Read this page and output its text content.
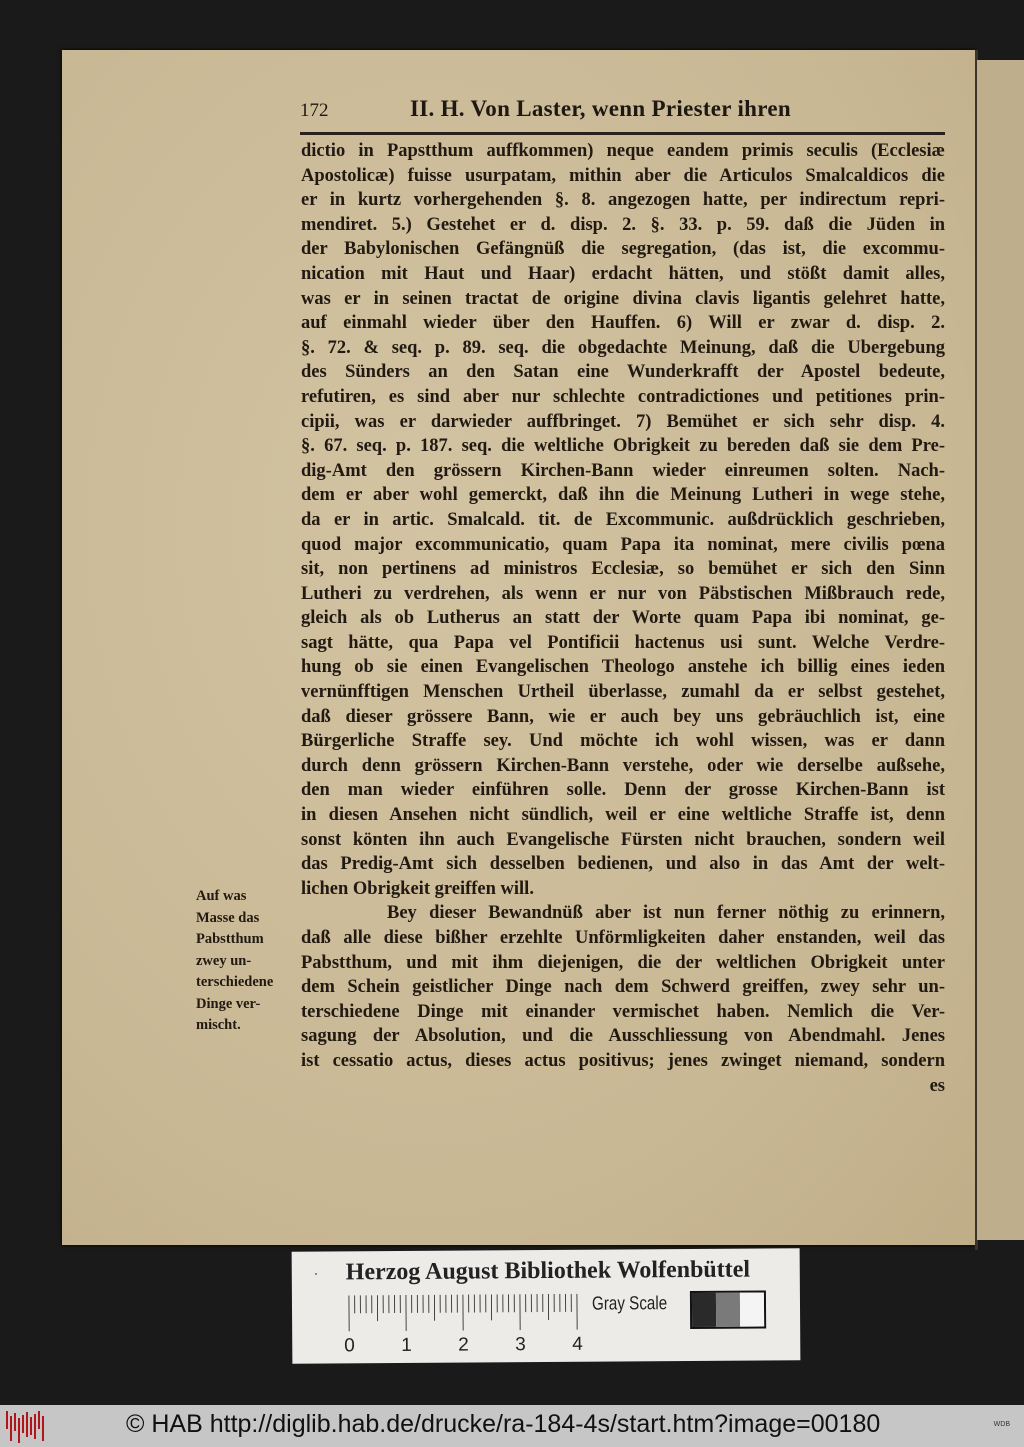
172	II. H. Von Laster, wenn Priester ihren
dictio in Papstthum auffkommen) neque eandem primis seculis (Ecclesiæ
Apostolicæ) fuisse usurpatam, mithin aber die Articulos Smalcaldicos die
er in kurtz vorhergehenden §. 8. angezogen hatte, per indirectum repri-
mendiret. 5.) Gestehet er d. disp. 2. §. 33. p. 59. daß die Jüden in
der Babylonischen Gefängnüß die segregation, (das ist, die excommu-
nication mit Haut und Haar) erdacht hätten, und stößt damit alles,
was er in seinen tractat de origine divina clavis ligantis gelehret hatte,
auf einmahl wieder über den Hauffen. 6) Will er zwar d. disp. 2.
§. 72. & seq. p. 89. seq. die obgedachte Meinung, daß die Ubergebung
des Sünders an den Satan eine Wunderkrafft der Apostel bedeute,
refutiren, es sind aber nur schlechte contradictiones und petitiones prin-
cipii, was er darwieder auffbringet. 7) Bemühet er sich sehr disp. 4.
§. 67. seq. p. 187. seq. die weltliche Obrigkeit zu bereden daß sie dem Pre-
dig-Amt den grössern Kirchen-Bann wieder einreumen solten. Nach-
dem er aber wohl gemerckt, daß ihn die Meinung Lutheri in wege stehe,
da er in artic. Smalcald. tit. de Excommunic. außdrücklich geschrieben,
quod major excommunicatio, quam Papa ita nominat, mere civilis pœna
sit, non pertinens ad ministros Ecclesiæ, so bemühet er sich den Sinn
Lutheri zu verdrehen, als wenn er nur von Päbstischen Mißbrauch rede,
gleich als ob Lutherus an statt der Worte quam Papa ibi nominat, ge-
sagt hätte, qua Papa vel Pontificii hactenus usi sunt. Welche Verdre-
hung ob sie einen Evangelischen Theologo anstehe ich billig eines ieden
vernünfftigen Menschen Urtheil überlasse, zumahl da er selbst gestehet,
daß dieser grössere Bann, wie er auch bey uns gebräuchlich ist, eine
Bürgerliche Straffe sey. Und möchte ich wohl wissen, was er dann
durch denn grössern Kirchen-Bann verstehe, oder wie derselbe außsehe,
den man wieder einführen solle. Denn der grosse Kirchen-Bann ist
in diesen Ansehen nicht sündlich, weil er eine weltliche Straffe ist, denn
sonst könten ihn auch Evangelische Fürsten nicht brauchen, sondern weil
das Predig-Amt sich desselben bedienen, und also in das Amt der welt-
lichen Obrigkeit greiffen will.
Bey dieser Bewandnüß aber ist nun ferner nöthig zu erinnern,
daß alle diese bißher erzehlte Unförmligkeiten daher enstanden, weil das
Pabstthum, und mit ihm diejenigen, die der weltlichen Obrigkeit unter
dem Schein geistlicher Dinge nach dem Schwerd greiffen, zwey sehr un-
terschiedene Dinge mit einander vermischet haben. Nemlich die Ver-
sagung der Absolution, und die Ausschliessung von Abendmahl. Jenes
ist cessatio actus, dieses actus positivus; jenes zwinget niemand, sondern
es
Auf was
Masse das
Pabstthum
zwey un-
terschiedene
Dinge ver-
mischt.
· Herzog August Bibliothek Wolfenbüttel
Gray Scale
0 1 2 3 4
© HAB http://diglib.hab.de/drucke/ra-184-4s/start.htm?image=00180	WDB
